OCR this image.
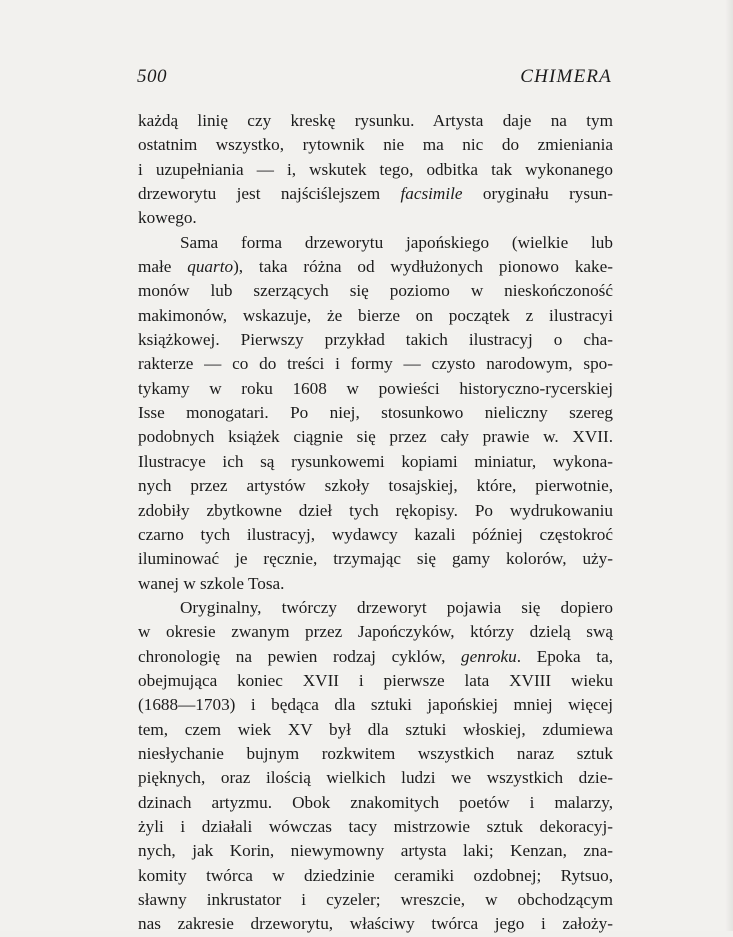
500	CHIMERA
każdą linię czy kreskę rysunku. Artysta daje na tym
ostatnim wszystko, rytownik nie ma nic do zmieniania
i uzupełniania — i, wskutek tego, odbitka tak wykonanego
drzeworytu jest najściślejszem facsimile oryginału rysun-
kowego.
Sama forma drzeworytu japońskiego (wielkie lub
małe quarto), taka różna od wydłużonych pionowo kake-
monów lub szerzących się poziomo w nieskończoność
makimonów, wskazuje, że bierze on początek z ilustracyi
książkowej. Pierwszy przykład takich ilustracyj o cha-
rakterze — co do treści i formy — czysto narodowym, spo-
tykamy w roku 1608 w powieści historyczno-rycerskiej
Isse monogatari. Po niej, stosunkowo nieliczny szereg
podobnych książek ciągnie się przez cały prawie w. XVII.
Ilustracye ich są rysunkowemi kopiami miniatur, wykona-
nych przez artystów szkoły tosajskiej, które, pierwotnie,
zdobiły zbytkowne dzieł tych rękopisy. Po wydrukowaniu
czarno tych ilustracyj, wydawcy kazali później częstokroć
iluminować je ręcznie, trzymając się gamy kolorów, uży-
wanej w szkole Tosa.
Oryginalny, twórczy drzeworyt pojawia się dopiero
w okresie zwanym przez Japończyków, którzy dzielą swą
chronologię na pewien rodzaj cyklów, genroku. Epoka ta,
obejmująca koniec XVII i pierwsze lata XVIII wieku
(1688—1703) i będąca dla sztuki japońskiej mniej więcej
tem, czem wiek XV był dla sztuki włoskiej, zdumiewa
niesłychanie bujnym rozkwitem wszystkich naraz sztuk
pięknych, oraz ilością wielkich ludzi we wszystkich dzie-
dzinach artyzmu. Obok znakomitych poetów i malarzy,
żyli i działali wówczas tacy mistrzowie sztuk dekoracyj-
nych, jak Korin, niewymowny artysta laki; Kenzan, zna-
komity twórca w dziedzinie ceramiki ozdobnej; Rytsuo,
sławny inkrustator i cyzeler; wreszcie, w obchodzącym
nas zakresie drzeworytu, właściwy twórca jego i założy-
